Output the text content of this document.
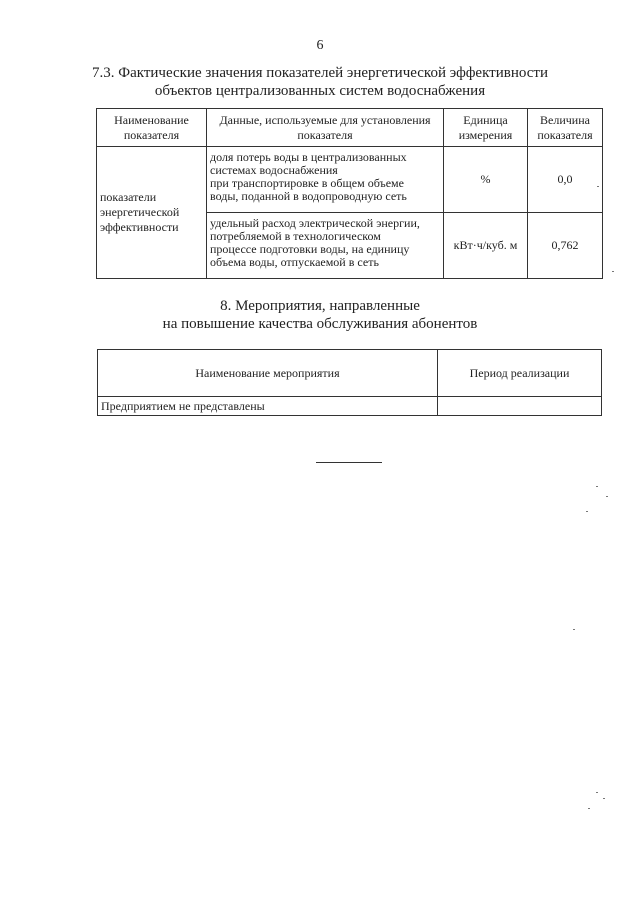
6
7.3. Фактические значения показателей энергетической эффективности
объектов централизованных систем водоснабжения
Наименование показателя	Данные, используемые для установления показателя	Единица измерения	Величина показателя
показатели энергетической эффективности	доля потерь воды в централизованных
системах водоснабжения
при транспортировке в общем объеме
воды, поданной в водопроводную сеть	%	0,0

	удельный расход электрической энергии,
потребляемой в технологическом
процессе подготовки воды, на единицу
объема воды, отпускаемой в сеть	кВт·ч/куб. м	0,762
8. Мероприятия, направленные
на повышение качества обслуживания абонентов
Наименование мероприятия	Период реализации
Предприятием не представлены	
